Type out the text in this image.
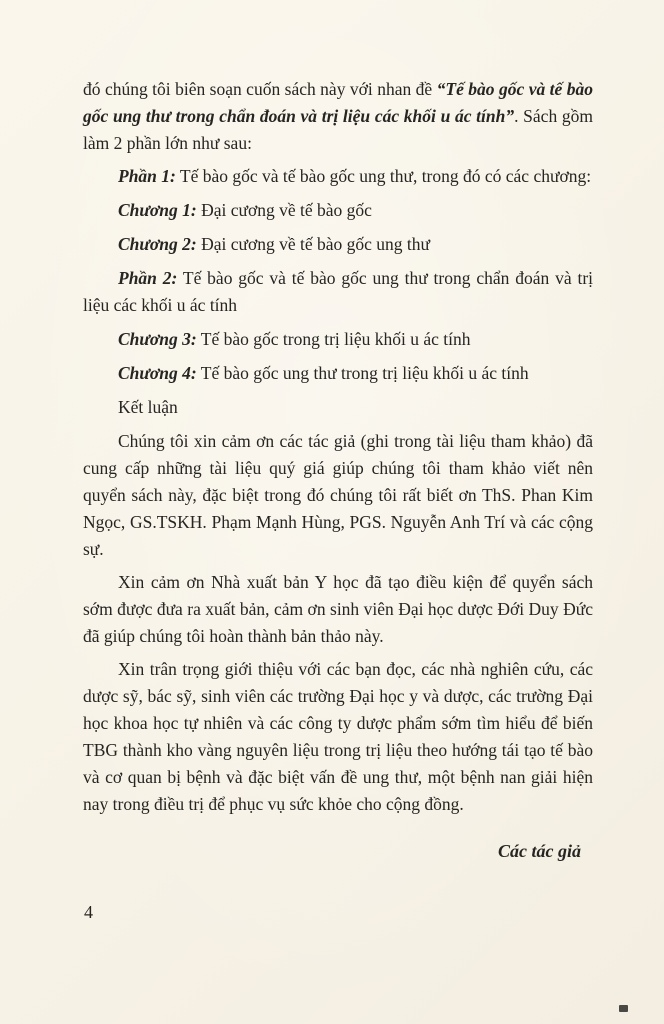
đó chúng tôi biên soạn cuốn sách này với nhan đề “Tế bào gốc và tế bào gốc ung thư trong chẩn đoán và trị liệu các khối u ác tính”. Sách gồm làm 2 phần lớn như sau:

Phần 1: Tế bào gốc và tế bào gốc ung thư, trong đó có các chương:

Chương 1: Đại cương về tế bào gốc

Chương 2: Đại cương về tế bào gốc ung thư

Phần 2: Tế bào gốc và tế bào gốc ung thư trong chẩn đoán và trị liệu các khối u ác tính

Chương 3: Tế bào gốc trong trị liệu khối u ác tính

Chương 4: Tế bào gốc ung thư trong trị liệu khối u ác tính

Kết luận

Chúng tôi xin cảm ơn các tác giả (ghi trong tài liệu tham khảo) đã cung cấp những tài liệu quý giá giúp chúng tôi tham khảo viết nên quyển sách này, đặc biệt trong đó chúng tôi rất biết ơn ThS. Phan Kim Ngọc, GS.TSKH. Phạm Mạnh Hùng, PGS. Nguyễn Anh Trí và các cộng sự.

Xin cảm ơn Nhà xuất bản Y học đã tạo điều kiện để quyển sách sớm được đưa ra xuất bản, cảm ơn sinh viên Đại học dược Đới Duy Đức đã giúp chúng tôi hoàn thành bản thảo này.

Xin trân trọng giới thiệu với các bạn đọc, các nhà nghiên cứu, các dược sỹ, bác sỹ, sinh viên các trường Đại học y và dược, các trường Đại học khoa học tự nhiên và các công ty dược phẩm sớm tìm hiểu để biến TBG thành kho vàng nguyên liệu trong trị liệu theo hướng tái tạo tế bào và cơ quan bị bệnh và đặc biệt vấn đề ung thư, một bệnh nan giải hiện nay trong điều trị để phục vụ sức khỏe cho cộng đồng.

Các tác giả
4
